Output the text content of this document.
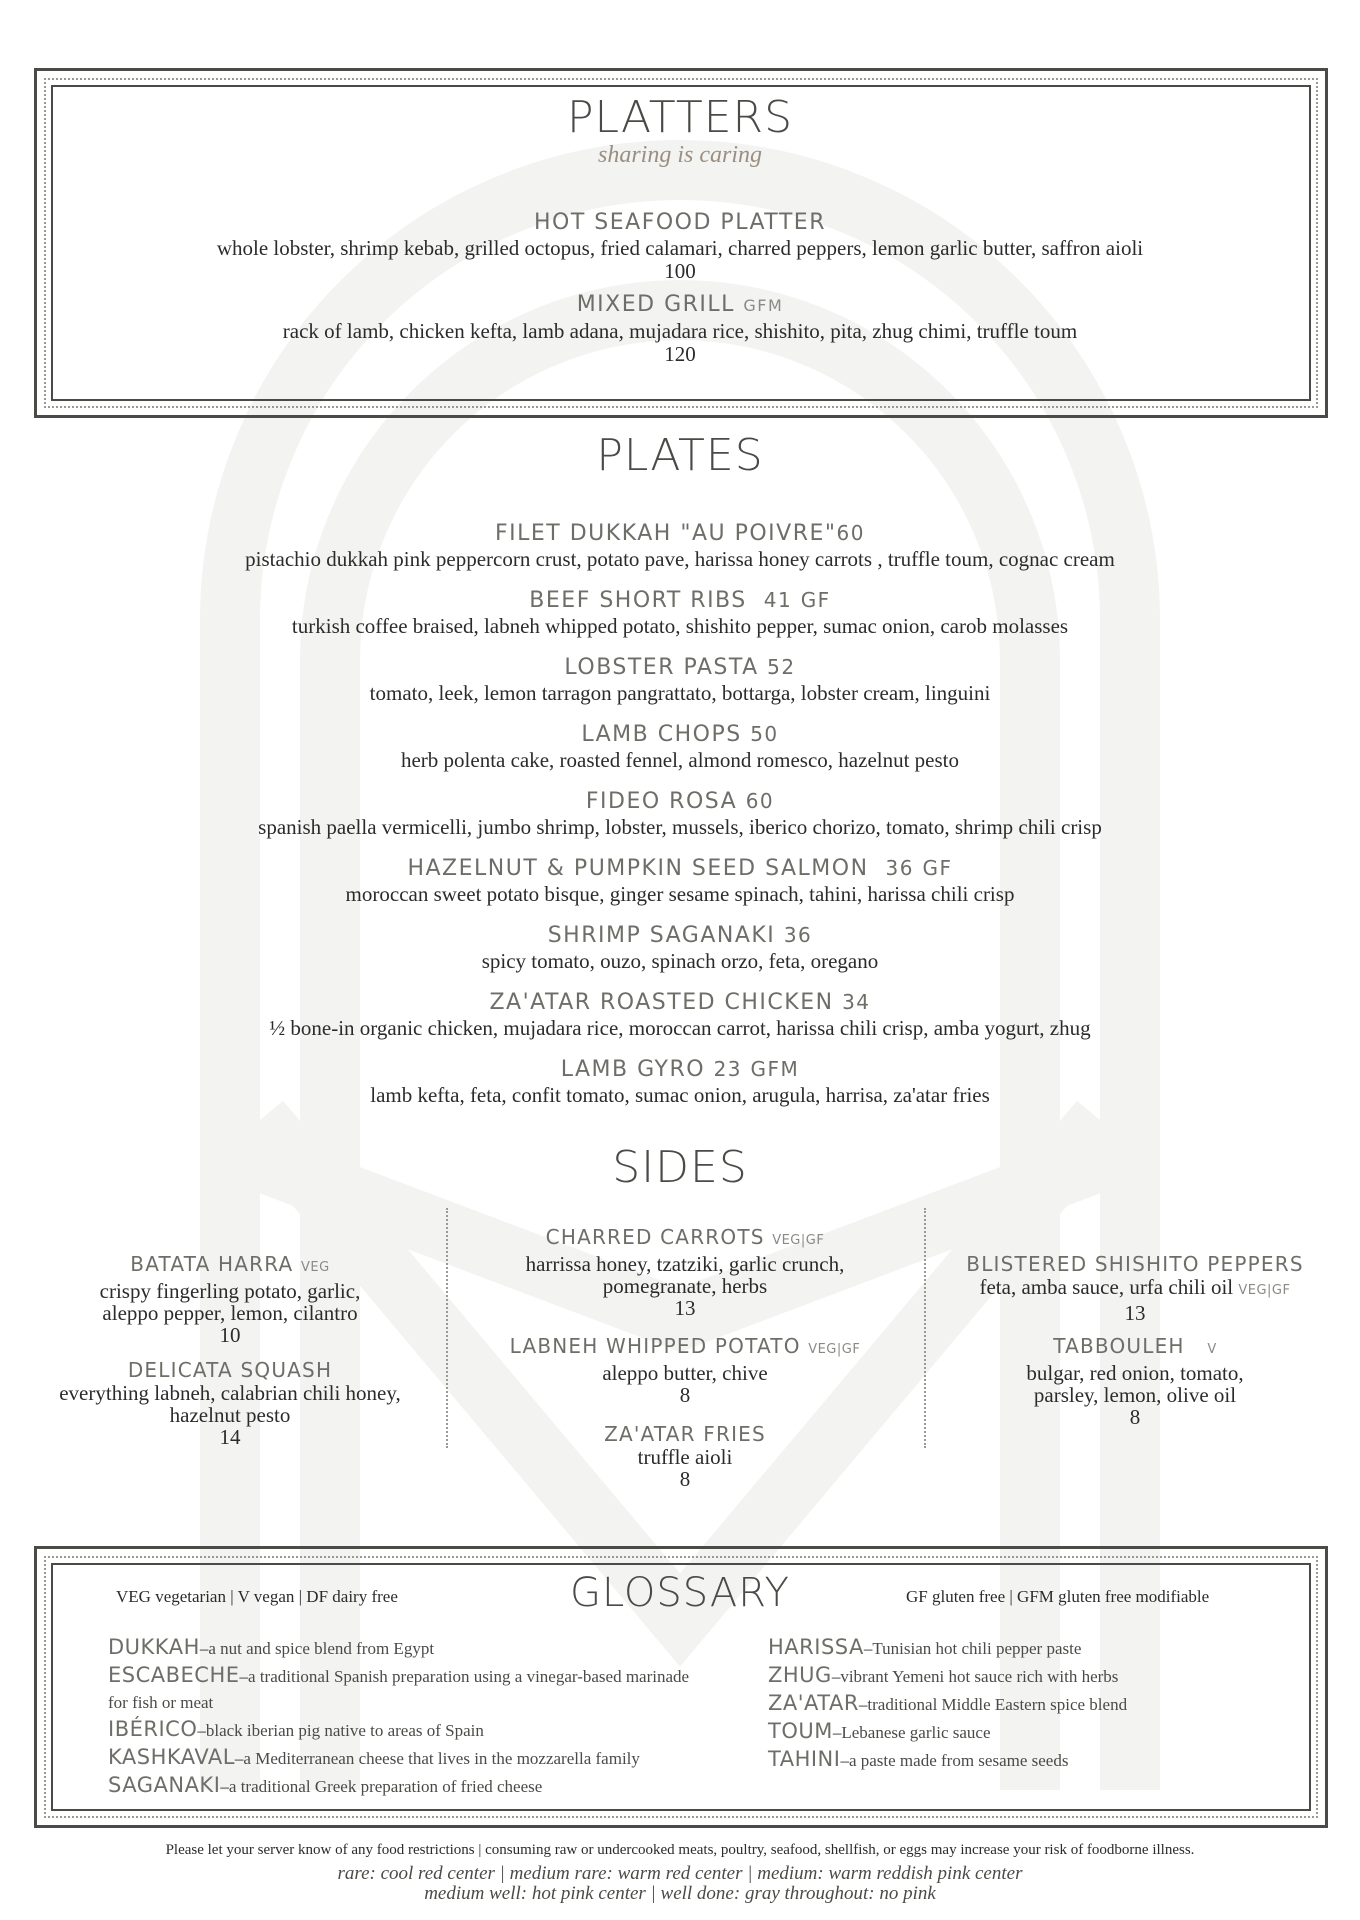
PLATTERS
sharing is caring
HOT SEAFOOD PLATTER
whole lobster, shrimp kebab, grilled octopus, fried calamari, charred peppers, lemon garlic butter, saffron aioli
100
MIXED GRILL GFM
rack of lamb, chicken kefta, lamb adana, mujadara rice, shishito, pita, zhug chimi, truffle toum
120
PLATES
FILET DUKKAH "AU POIVRE"60
pistachio dukkah pink peppercorn crust, potato pave, harissa honey carrots , truffle toum, cognac cream
BEEF SHORT RIBS 41 GF
turkish coffee braised, labneh whipped potato, shishito pepper, sumac onion, carob molasses
LOBSTER PASTA 52
tomato, leek, lemon tarragon pangrattato, bottarga, lobster cream, linguini
LAMB CHOPS 50
herb polenta cake, roasted fennel, almond romesco, hazelnut pesto
FIDEO ROSA 60
spanish paella vermicelli, jumbo shrimp, lobster, mussels, iberico chorizo, tomato, shrimp chili crisp
HAZELNUT & PUMPKIN SEED SALMON 36 GF
moroccan sweet potato bisque, ginger sesame spinach, tahini, harissa chili crisp
SHRIMP SAGANAKI 36
spicy tomato, ouzo, spinach orzo, feta, oregano
ZA'ATAR ROASTED CHICKEN 34
½ bone-in organic chicken, mujadara rice, moroccan carrot, harissa chili crisp, amba yogurt, zhug
LAMB GYRO 23 GFM
lamb kefta, feta, confit tomato, sumac onion, arugula, harrisa, za'atar fries
SIDES
BATATA HARRA VEG
crispy fingerling potato, garlic,
aleppo pepper, lemon, cilantro
10
DELICATA SQUASH
everything labneh, calabrian chili honey,
hazelnut pesto
14
CHARRED CARROTS VEG|GF
harrissa honey, tzatziki, garlic crunch,
pomegranate, herbs
13
LABNEH WHIPPED POTATO VEG|GF
aleppo butter, chive
8
ZA'ATAR FRIES
truffle aioli
8
BLISTERED SHISHITO PEPPERS
feta, amba sauce, urfa chili oil VEG|GF
13
TABBOULEH V
bulgar, red onion, tomato,
parsley, lemon, olive oil
8
GLOSSARY
VEG vegetarian | V vegan | DF dairy free	GF gluten free | GFM gluten free modifiable
DUKKAH–a nut and spice blend from Egypt
ESCABECHE–a traditional Spanish preparation using a vinegar-based marinade for fish or meat
IBÉRICO–black iberian pig native to areas of Spain
KASHKAVAL–a Mediterranean cheese that lives in the mozzarella family
SAGANAKI–a traditional Greek preparation of fried cheese
HARISSA–Tunisian hot chili pepper paste
ZHUG–vibrant Yemeni hot sauce rich with herbs
ZA'ATAR–traditional Middle Eastern spice blend
TOUM–Lebanese garlic sauce
TAHINI–a paste made from sesame seeds
Please let your server know of any food restrictions | consuming raw or undercooked meats, poultry, seafood, shellfish, or eggs may increase your risk of foodborne illness.
rare: cool red center | medium rare: warm red center | medium: warm reddish pink center
medium well: hot pink center | well done: gray throughout: no pink
